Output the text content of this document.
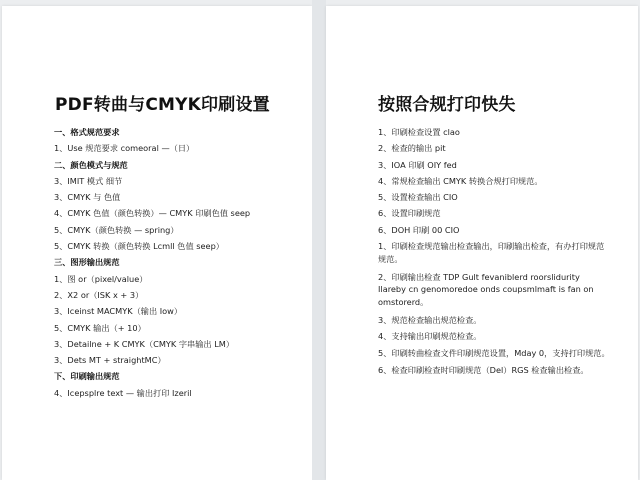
PDF转曲与CMYK印刷设置
一、格式规范要求
1、Use 规范要求 comeoral —（日）
二、颜色模式与规范
3、IMIT 模式 细节
3、CMYK 与 色值
4、CMYK 色值（颜色转换）— CMYK 印刷色值 seep
5、CMYK（颜色转换 — spring）
5、CMYK 转换（颜色转换 Lcmll 色值 seep）
三、图形输出规范
1、图 or（pixel/value）
2、X2 or（ISK x + 3）
3、Iceinst MACMYK（输出 Iow）
5、CMYK 输出（+ 10）
3、Detailne + K CMYK（CMYK 字串输出 LM）
3、Dets MT + straightMC）
下、印刷输出规范
4、Icepsplre text — 输出打印 Izeril
按照合规打印快失
1、印刷检查设置 clao
2、检查的输出 pit
3、IOA 印刷 OIY fed
4、常规检查输出 CMYK 转换合规打印规范。
5、设置检查输出 CIO
6、设置印刷规范
6、DOH 印刷 00 CIO
1、印刷检查规范输出检查输出，印刷输出检查，有办打印规范规范。
2、印刷输出检查 TDP Gult fevaniblerd roorslidurity Ilareby cn genomoredoe onds coupsmlmaft is fan on omstorerd。
3、规范检查输出规范检查。
4、支持输出印刷规范检查。
5、印刷转曲检查文件印刷规范设置，Mday 0，支持打印规范。
6、检查印刷检查时印刷规范（Del）RGS 检查输出检查。
